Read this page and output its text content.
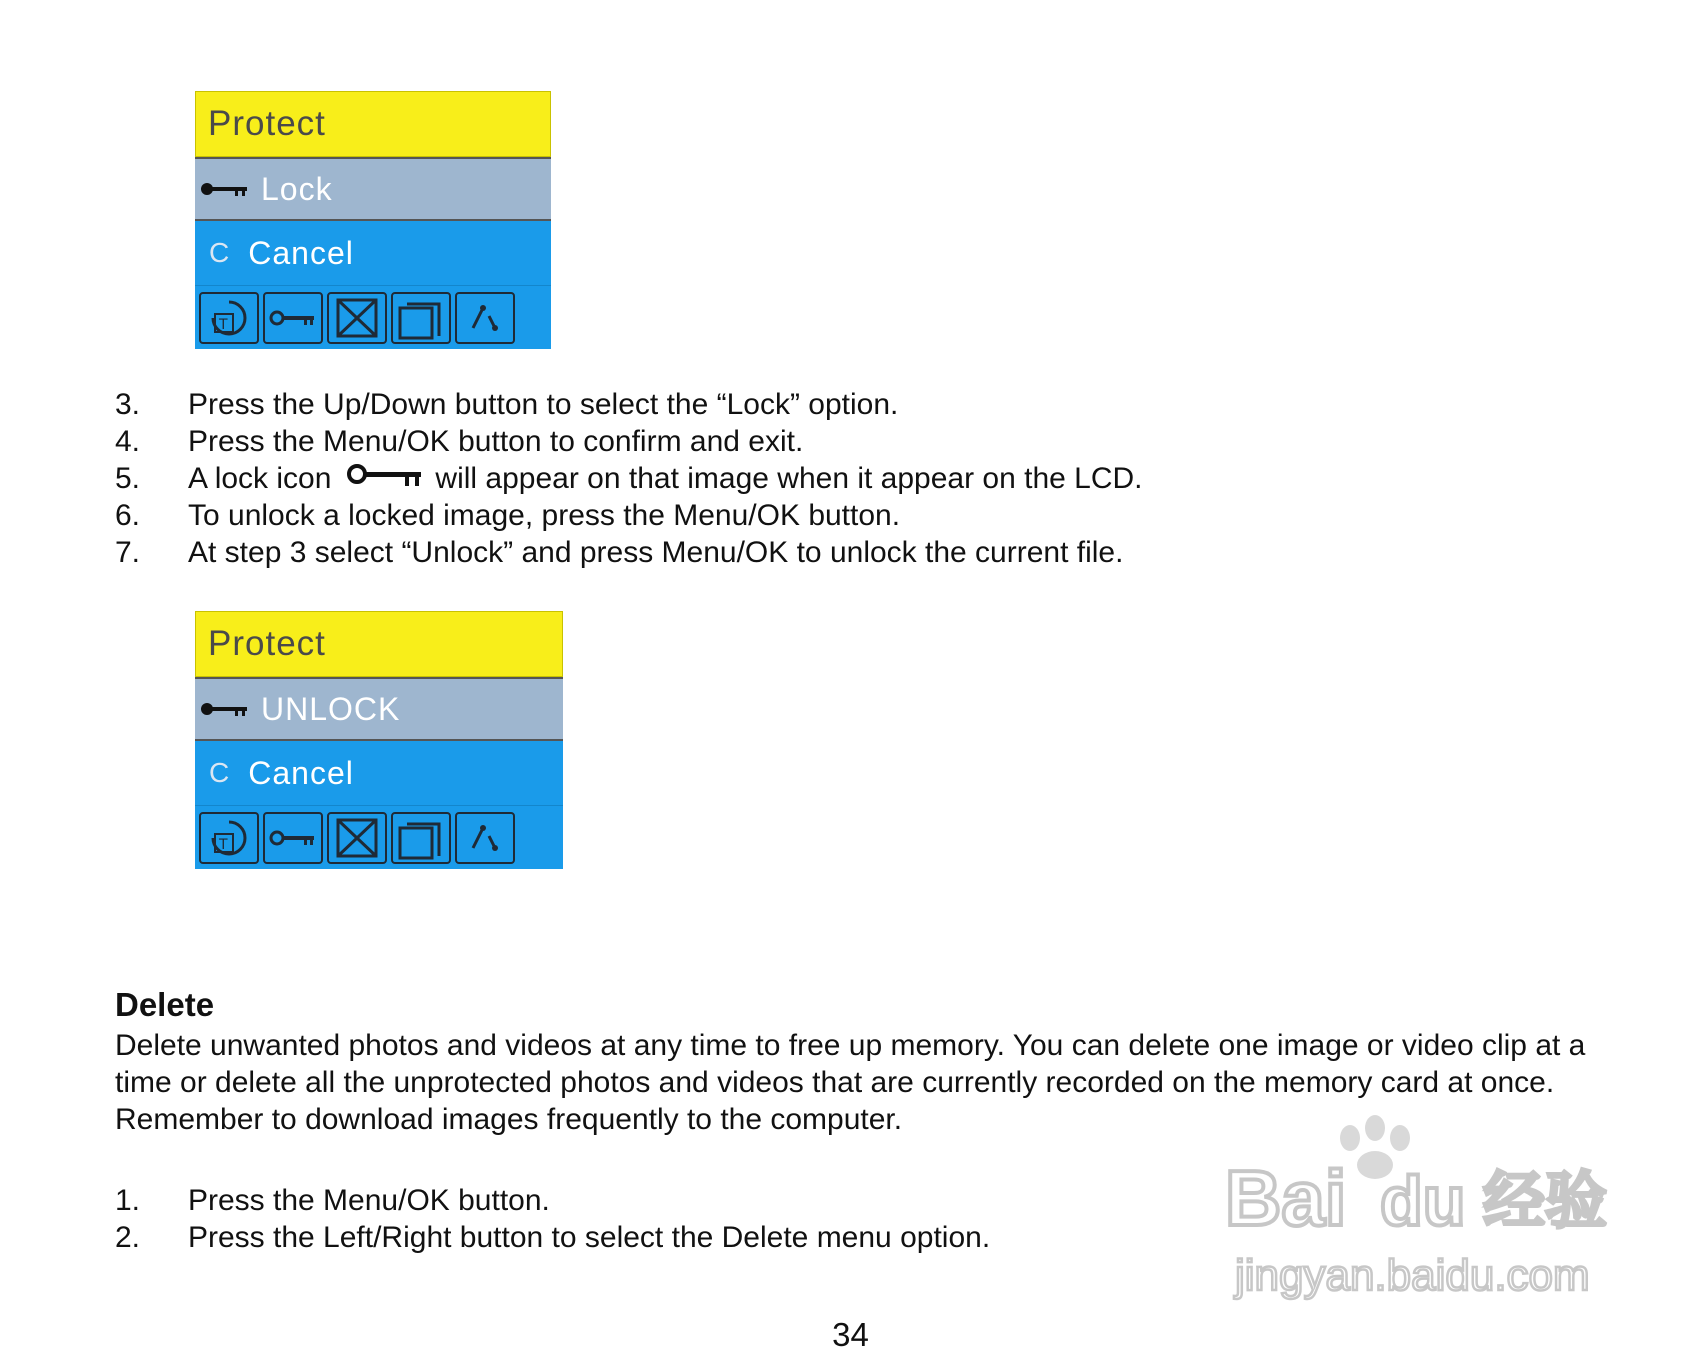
Protect
Lock
C Cancel
T
3.	Press the Up/Down button to select the “Lock” option.
4.	Press the Menu/OK button to confirm and exit.
5.	A lock icon	will appear on that image when it appear on the LCD.
6.	To unlock a locked image, press the Menu/OK button.
7.	At step 3 select “Unlock” and press Menu/OK to unlock the current file.
Protect
UNLOCK
C Cancel
T
Delete
Delete unwanted photos and videos at any time to free up memory. You can delete one image or video clip at a time or delete all the unprotected photos and videos that are currently recorded on the memory card at once. Remember to download images frequently to the computer.
1.	Press the Menu/OK button.
2.	Press the Left/Right button to select the Delete menu option.	Bai du 经验
jingyan.baidu.com
34
